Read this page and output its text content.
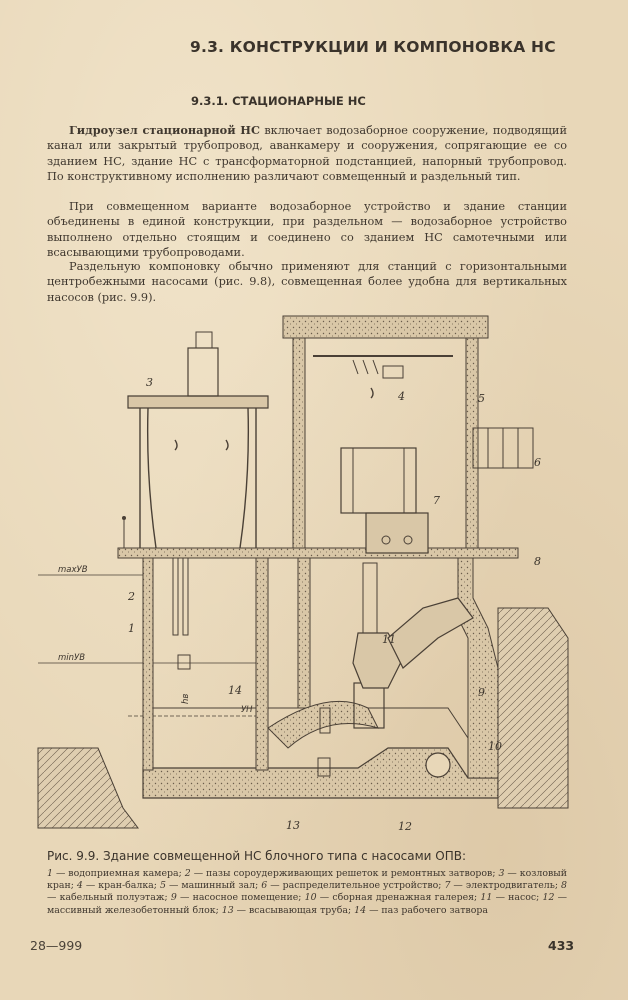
9.3. КОНСТРУКЦИИ И КОМПОНОВКА НС
9.3.1. СТАЦИОНАРНЫЕ НС

Гидроузел стационарной НС включает водозаборное сооружение, подводящий канал или закрытый трубопровод, аванкамеру и сооружения, сопрягающие ее со зданием НС, здание НС с трансформаторной подстанцией, напорный трубопровод. По конструктивному исполнению различают совмещенный и раздельный тип.

При совмещенном варианте водозаборное устройство и здание станции объединены в единой конструкции, при раздельном — водозаборное устройство выполнено отдельно стоящим и соединено со зданием НС самотечными или всасывающими трубопроводами.

Раздельную компоновку обычно применяют для станций с горизонтальными центробежными насосами (рис. 9.8), совмещенная более удобна для вертикальных насосов (рис. 9.9).

maxУВ
minУВ
УН
hв
3
4	5
6
7
8
2
1
11
14	9
10
12
13
Рис. 9.9. Здание совмещенной НС блочного типа с насосами ОПВ:
1 — водоприемная камера; 2 — пазы сороудерживающих решеток и ремонтных затворов; 3 — козловый кран; 4 — кран-балка; 5 — машинный зал; 6 — распределительное устройство; 7 — электродвигатель; 8 — кабельный полуэтаж; 9 — насосное помещение; 10 — сборная дренажная галерея; 11 — насос; 12 — массивный железобетонный блок; 13 — всасывающая труба; 14 — паз рабочего затвора
28—999	433
